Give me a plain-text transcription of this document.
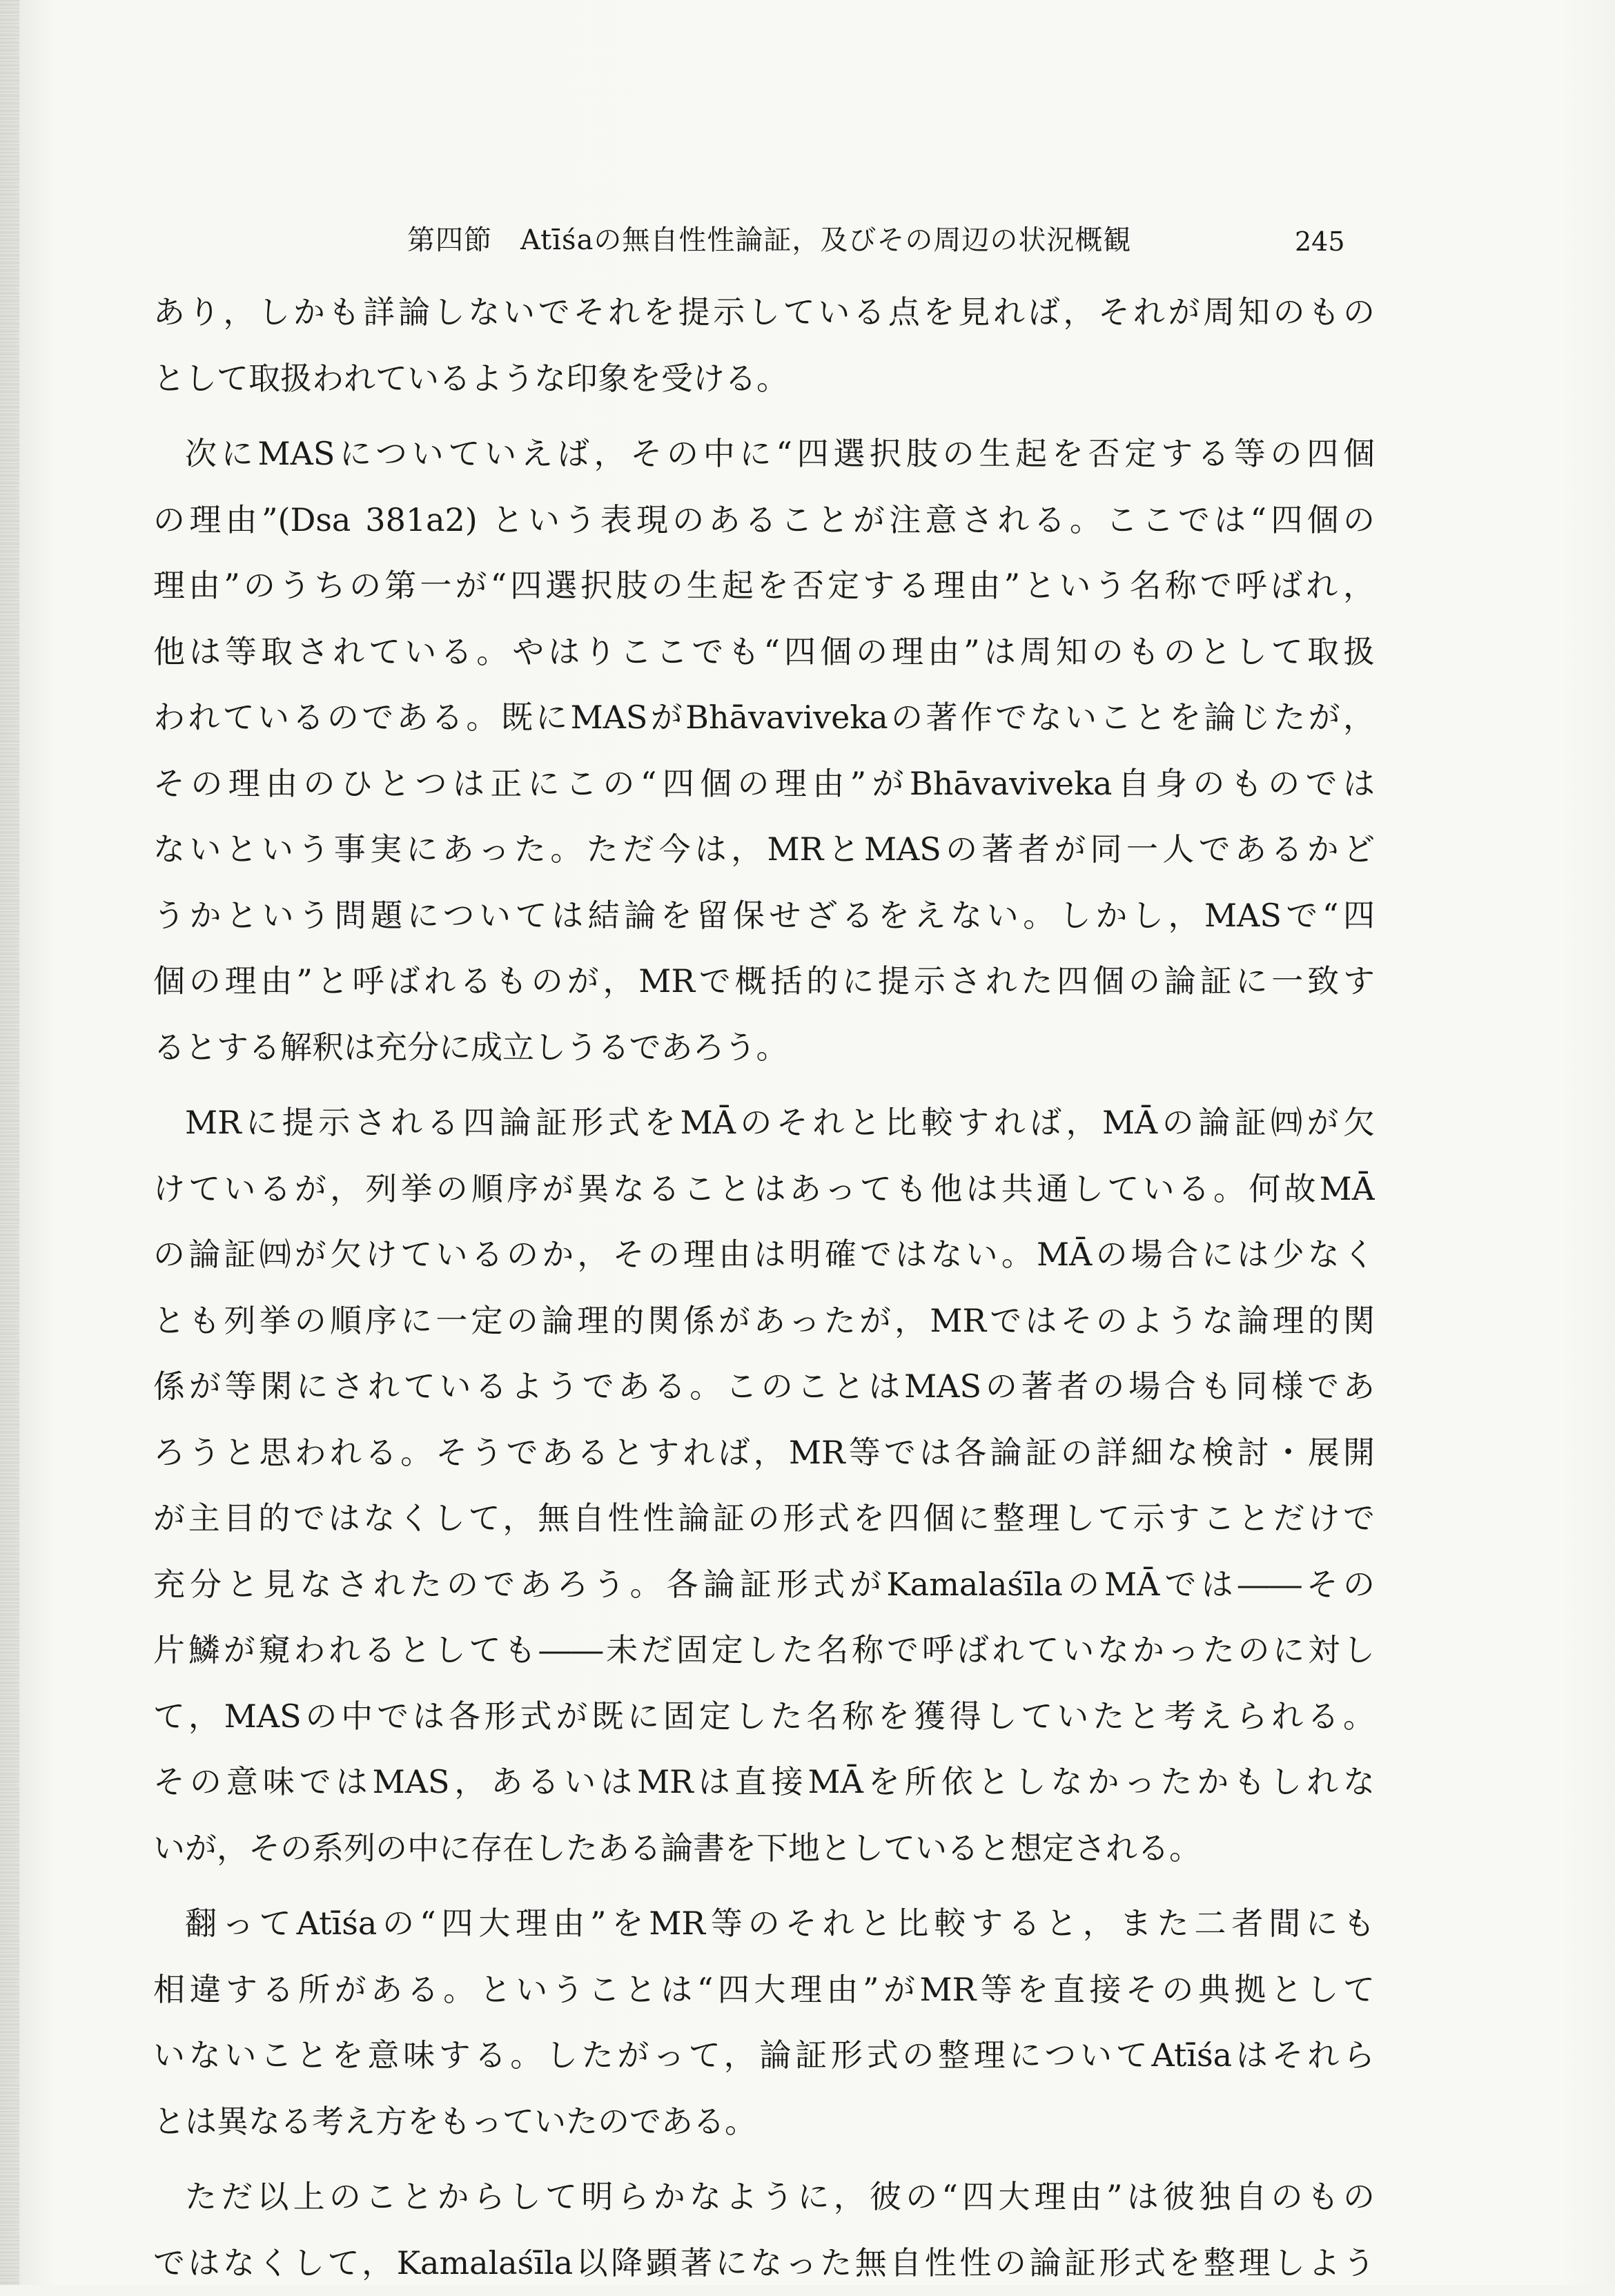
第四節　Atīśaの無自性性論証，及びその周辺の状況概観	245
あり，しかも詳論しないでそれを提示している点を見れば，それが周知のもの
として取扱われているような印象を受ける。
次にMASについていえば，その中に“四選択肢の生起を否定する等の四個
の理由”(Dsa 381a2) という表現のあることが注意される。ここでは“四個の
理由”のうちの第一が“四選択肢の生起を否定する理由”という名称で呼ばれ，
他は等取されている。やはりここでも“四個の理由”は周知のものとして取扱
われているのである。既にMASがBhāvavivekaの著作でないことを論じたが，
その理由のひとつは正にこの“四個の理由”がBhāvaviveka自身のものでは
ないという事実にあった。ただ今は，MRとMASの著者が同一人であるかど
うかという問題については結論を留保せざるをえない。しかし，MASで“四
個の理由”と呼ばれるものが，MRで概括的に提示された四個の論証に一致す
るとする解釈は充分に成立しうるであろう。
MRに提示される四論証形式をMĀのそれと比較すれば，MĀの論証㈣が欠
けているが，列挙の順序が異なることはあっても他は共通している。何故MĀ
の論証㈣が欠けているのか，その理由は明確ではない。MĀの場合には少なく
とも列挙の順序に一定の論理的関係があったが，MRではそのような論理的関
係が等閑にされているようである。このことはMASの著者の場合も同様であ
ろうと思われる。そうであるとすれば，MR等では各論証の詳細な検討・展開
が主目的ではなくして，無自性性論証の形式を四個に整理して示すことだけで
充分と見なされたのであろう。各論証形式がKamalaśīlaのMĀでは――その
片鱗が窺われるとしても――未だ固定した名称で呼ばれていなかったのに対し
て，MASの中では各形式が既に固定した名称を獲得していたと考えられる。
その意味ではMAS，あるいはMRは直接MĀを所依としなかったかもしれな
いが，その系列の中に存在したある論書を下地としていると想定される。
翻ってAtīśaの“四大理由”をMR等のそれと比較すると，また二者間にも
相違する所がある。ということは“四大理由”がMR等を直接その典拠として
いないことを意味する。したがって，論証形式の整理についてAtīśaはそれら
とは異なる考え方をもっていたのである。
ただ以上のことからして明らかなように，彼の“四大理由”は彼独自のもの
ではなくして，Kamalaśīla以降顕著になった無自性性の論証形式を整理しよう
